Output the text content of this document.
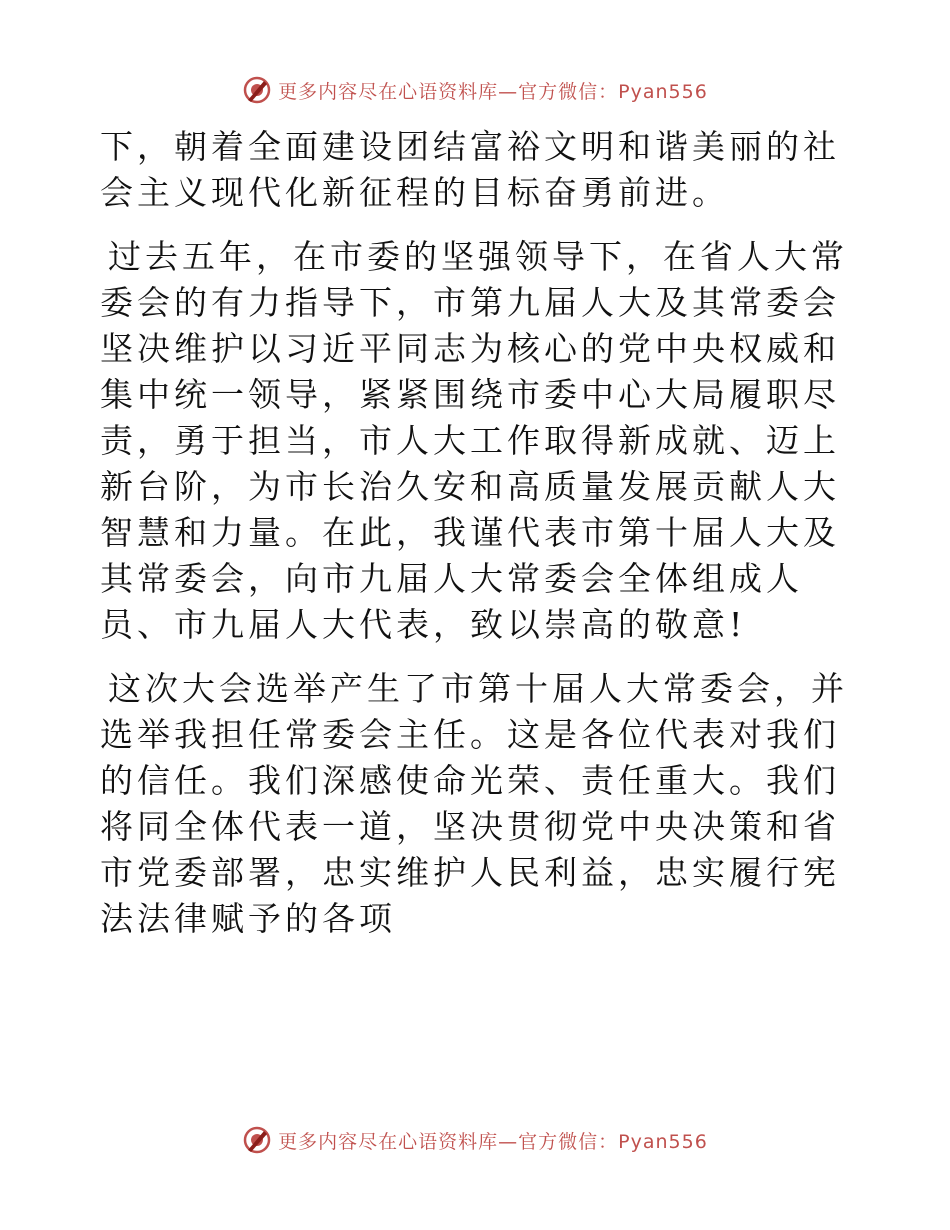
更多内容尽在心语资料库—官方微信：Pyan556

下，朝着全面建设团结富裕文明和谐美丽的社会主义现代化新征程的目标奋勇前进。

过去五年，在市委的坚强领导下，在省人大常委会的有力指导下，市第九届人大及其常委会坚决维护以习近平同志为核心的党中央权威和集中统一领导，紧紧围绕市委中心大局履职尽责，勇于担当，市人大工作取得新成就、迈上新台阶，为市长治久安和高质量发展贡献人大智慧和力量。在此，我谨代表市第十届人大及其常委会，向市九届人大常委会全体组成人员、市九届人大代表，致以崇高的敬意!

这次大会选举产生了市第十届人大常委会，并选举我担任常委会主任。这是各位代表对我们的信任。我们深感使命光荣、责任重大。我们将同全体代表一道，坚决贯彻党中央决策和省市党委部署，忠实维护人民利益，忠实履行宪法法律赋予的各项

更多内容尽在心语资料库—官方微信：Pyan556
